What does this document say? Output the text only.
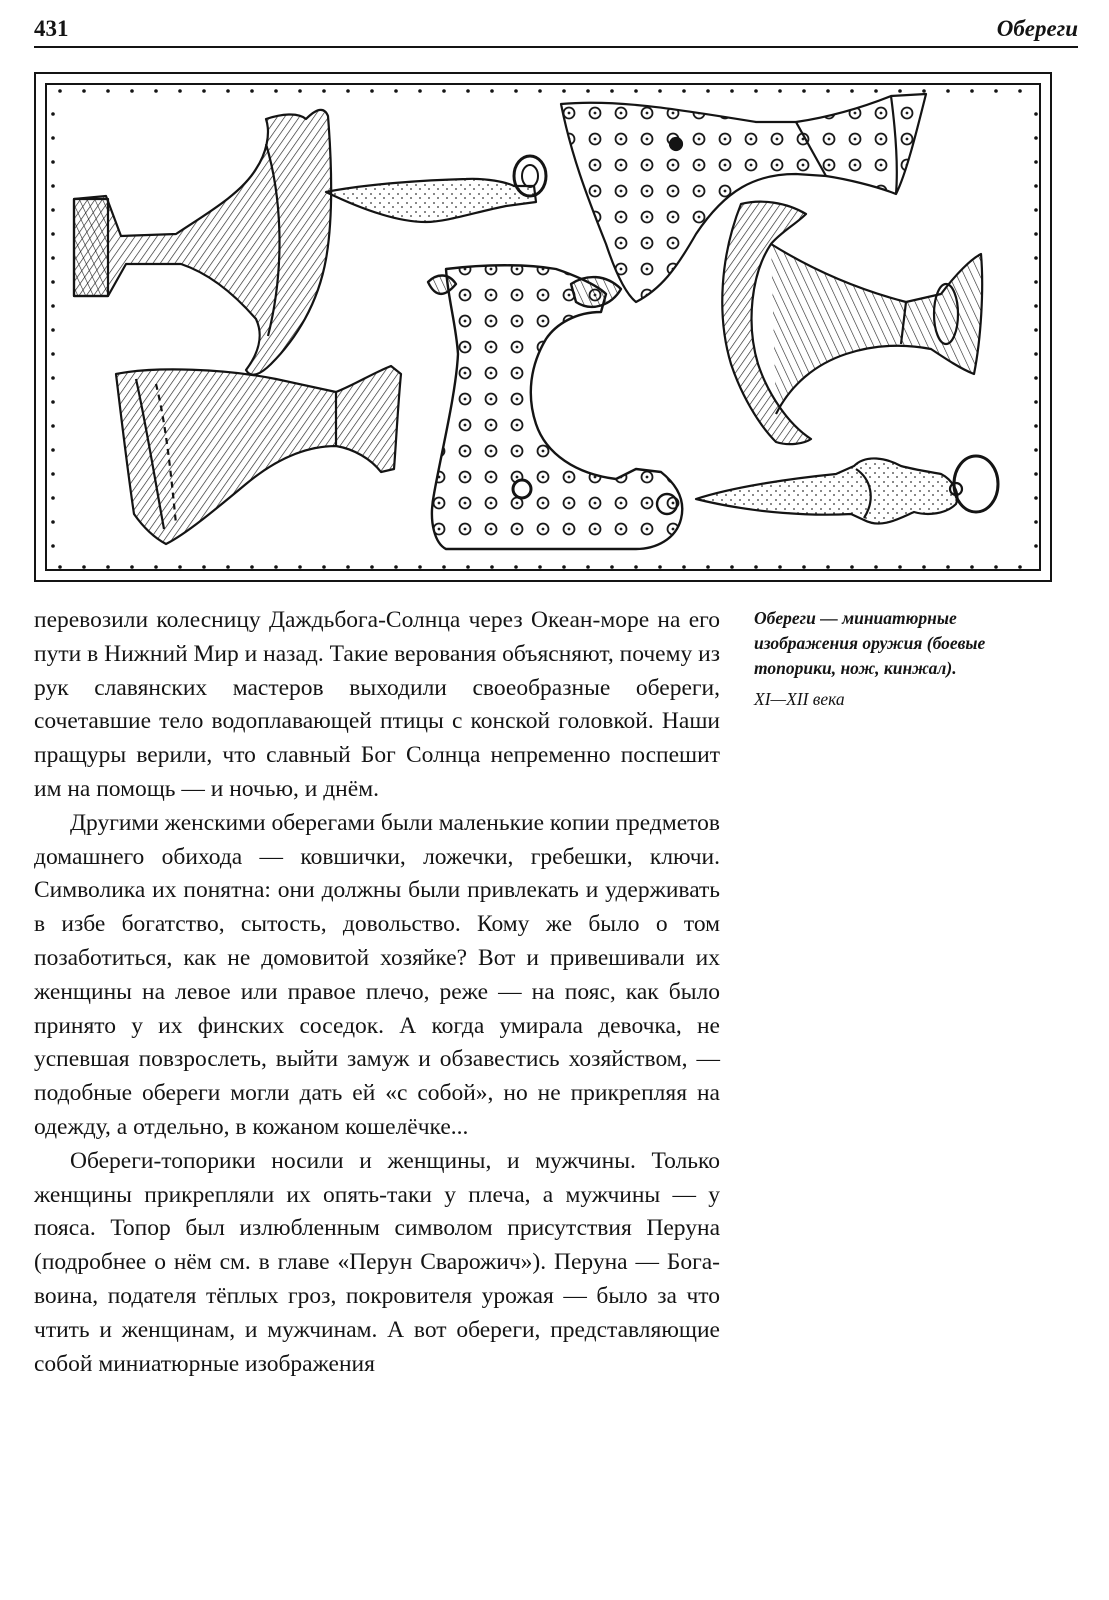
431	Обереги

перевозили колесницу Даждьбога-Солнца через Океан-море на его пути в Нижний Мир и назад. Такие верования объясняют, почему из рук славянских мастеров выходили своеобразные обереги, сочетавшие тело водоплавающей птицы с конской головкой. Наши пращуры верили, что славный Бог Солнца непременно поспешит им на помощь — и ночью, и днём.

Другими женскими оберегами были маленькие копии предметов домашнего обихода — ковшички, ложечки, гребешки, ключи. Символика их понятна: они должны были привлекать и удерживать в избе богатство, сытость, довольство. Кому же было о том позаботиться, как не домовитой хозяйке? Вот и привешивали их женщины на левое или правое плечо, реже — на пояс, как было принято у их финских соседок. А когда умирала девочка, не успевшая повзрослеть, выйти замуж и обзавестись хозяйством, — подобные обереги могли дать ей «с собой», но не прикрепляя на одежду, а отдельно, в кожаном кошелёчке...

Обереги-топорики носили и женщины, и мужчины. Только женщины прикрепляли их опять-таки у плеча, а мужчины — у пояса. Топор был излюбленным символом присутствия Перуна (подробнее о нём см. в главе «Перун Сварожич»). Перуна — Бога-воина, подателя тёплых гроз, покровителя урожая — было за что чтить и женщинам, и мужчинам. А вот обереги, представляющие собой миниатюрные изображения

Обереги — миниатюрные изображения оружия (боевые топорики, нож, кинжал).

XI—XII века
